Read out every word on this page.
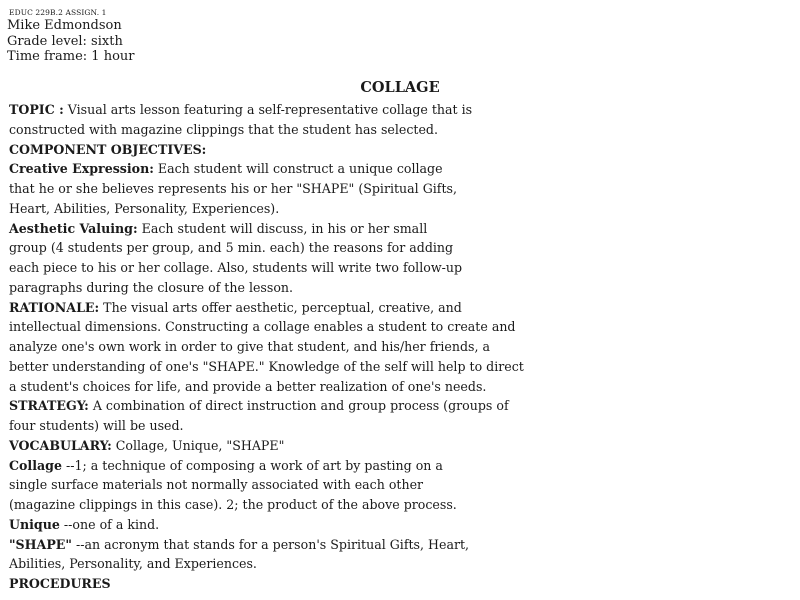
EDUC 229B.2 ASSIGN. 1
Mike Edmondson
Grade level: sixth
Time frame: 1 hour
COLLAGE
TOPIC : Visual arts lesson featuring a self-representative collage that is
constructed with magazine clippings that the student has selected.
COMPONENT OBJECTIVES:
Creative Expression: Each student will construct a unique collage
that he or she believes represents his or her "SHAPE" (Spiritual Gifts,
Heart, Abilities, Personality, Experiences).
Aesthetic Valuing: Each student will discuss, in his or her small
group (4 students per group, and 5 min. each) the reasons for adding
each piece to his or her collage. Also, students will write two follow-up
paragraphs during the closure of the lesson.
RATIONALE: The visual arts offer aesthetic, perceptual, creative, and
intellectual dimensions. Constructing a collage enables a student to create and
analyze one's own work in order to give that student, and his/her friends, a
better understanding of one's "SHAPE." Knowledge of the self will help to direct
a student's choices for life, and provide a better realization of one's needs.
STRATEGY: A combination of direct instruction and group process (groups of
four students) will be used.
VOCABULARY: Collage, Unique, "SHAPE"
Collage --1; a technique of composing a work of art by pasting on a
single surface materials not normally associated with each other
(magazine clippings in this case). 2; the product of the above process.
Unique --one of a kind.
"SHAPE" --an acronym that stands for a person's Spiritual Gifts, Heart,
Abilities, Personality, and Experiences.
PROCEDURES
